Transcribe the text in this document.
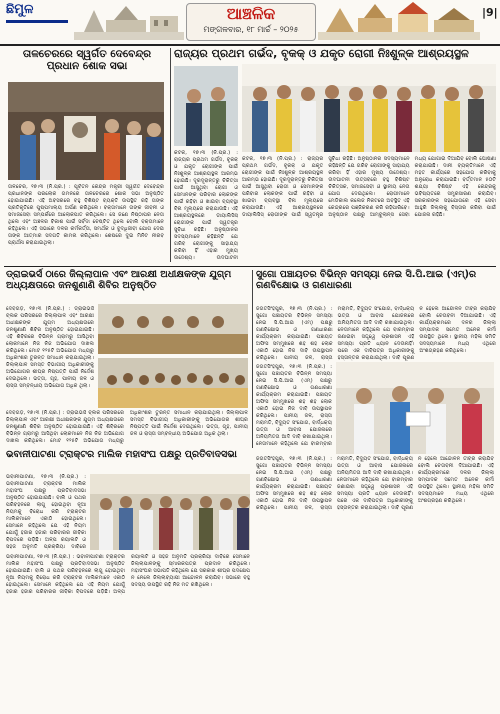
ଛିମୁଳ	ଆଞ୍ଚଳିକ
ମଙ୍ଗଳବାର, ୧୮ ମାର୍ଚ୍ଚ – ୨୦୨୫
|9|
ତାଳଚେରରେ ସ୍ୱର୍ଗତ ଦେବେନ୍ଦ୍ର ପ୍ରଧାନ ଶୋକ ସଭା
ତାଳଚେର, ୧୭।୩ (ନି.ପ୍ର.) : ପୂର୍ବତନ କେନ୍ଦ୍ର ମନ୍ତ୍ରୀ ସ୍ୱର୍ଗତ ଦେବେନ୍ଦ୍ର ପ୍ରଧାନଙ୍କ ପରଲୋକ ଗମନରେ ତାଳଚେରରେ ଶୋକ ସଭା ଅନୁଷ୍ଠିତ ହୋଇଯାଇଛି। ଏହି ଅବସରରେ ବହୁ ବିଶିଷ୍ଟ ବ୍ୟକ୍ତି ଉପସ୍ଥିତ ରହି ତାଙ୍କ ପ୍ରତିକୃତିରେ ପୁଷ୍ପମାଲ୍ୟ ଅର୍ପଣ କରିଥିଲେ। ବକ୍ତାମାନେ ତାଙ୍କ ଜୀବନୀ ଓ ସମାଜସେବା ସମ୍ପର୍କରେ ଆଲୋକପାତ କରିଥିଲେ। ସେ ଜଣେ ନିଷ୍ଠାପର ନେତା ଥିଲେ ଏବଂ ଅଞ୍ଚଳର ବିକାଶ ପାଇଁ ସର୍ବଦା ଚେଷ୍ଟିତ ଥିଲେ ବୋଲି ବକ୍ତାମାନେ କହିଥିଲେ। ଏହି ସଭାରେ ଦଳର କର୍ମକର୍ତ୍ତା, ସମର୍ଥକ ଓ ବୁଦ୍ଧିଜୀବୀ ଯୋଗ ଦେଇ ତାଙ୍କ ଆତ୍ମାର ସଦଗତି କାମନା କରିଥିଲେ। ଶେଷରେ ଦୁଇ ମିନିଟ ନୀରବ ପ୍ରାର୍ଥନା କରାଯାଇଥିଲା।
ରାଜ୍ୟର ପ୍ରଥମ ଗର୍ଭଦ, ବୃକକ୍ ଓ ଯକୃତ ରୋଗୀ ନିଃଶୁଳ୍କ ଆଶ୍ରୟସ୍ଥଳ
କଟକ, ୧୭।୩ (ନି.ପ୍ର.) : ରାଜ୍ୟର ପ୍ରଥମ ଗର୍ଭଦ, ବୃକକ୍ ଓ ଯକୃତ ରୋଗୀଙ୍କ ପାଇଁ ନିଃଶୁଳ୍କ ଆଶ୍ରୟସ୍ଥଳ ଆରମ୍ଭ ହୋଇଛି। ଦୂରଦୂରାନ୍ତରୁ ଚିକିତ୍ସା ପାଇଁ ଆସୁଥିବା ରୋଗୀ ଓ ସେମାନଙ୍କ ପରିବାର ଲୋକଙ୍କ ପାଇଁ ରହିବା ଓ ଖାଇବା ବ୍ୟବସ୍ଥା ବିନା ମୂଲ୍ୟରେ କରାଯାଉଛି। ଏହି ଆଶ୍ରୟସ୍ଥଳରେ ଡାୟାଲିସିସ୍ ରୋଗୀଙ୍କ ପାଇଁ ସ୍ୱତନ୍ତ୍ର ସୁବିଧା ରହିଛି। ଅନୁଷ୍ଠାନର ସଦସ୍ୟମାନେ କହିଛନ୍ତି ଯେ ଗରିବ ରୋଗୀଙ୍କୁ ସାହାଯ୍ୟ କରିବା ହିଁ ଏହାର ମୁଖ୍ୟ ଉଦ୍ଦେଶ୍ୟ। ଉଦଘାଟନୀ
କଟକ, ୧୭।୩ (ନି.ପ୍ର.) : ରାଜ୍ୟର ପ୍ରଥମ ଗର୍ଭଦ, ବୃକକ୍ ଓ ଯକୃତ ରୋଗୀଙ୍କ ପାଇଁ ନିଃଶୁଳ୍କ ଆଶ୍ରୟସ୍ଥଳ ଆରମ୍ଭ ହୋଇଛି। ଦୂରଦୂରାନ୍ତରୁ ଚିକିତ୍ସା ପାଇଁ ଆସୁଥିବା ରୋଗୀ ଓ ସେମାନଙ୍କ ପରିବାର ଲୋକଙ୍କ ପାଇଁ ରହିବା ଓ ଖାଇବା ବ୍ୟବସ୍ଥା ବିନା ମୂଲ୍ୟରେ କରାଯାଉଛି। ଏହି ଆଶ୍ରୟସ୍ଥଳରେ ଡାୟାଲିସିସ୍ ରୋଗୀଙ୍କ ପାଇଁ ସ୍ୱତନ୍ତ୍ର ସୁବିଧା ରହିଛି। ଅନୁଷ୍ଠାନର ସଦସ୍ୟମାନେ କହିଛନ୍ତି ଯେ ଗରିବ ରୋଗୀଙ୍କୁ ସାହାଯ୍ୟ କରିବା ହିଁ ଏହାର ମୁଖ୍ୟ ଉଦ୍ଦେଶ୍ୟ। ଉଦଘାଟନୀ ଉତ୍ସବରେ ବହୁ ବିଶିଷ୍ଟ ଚିକିତ୍ସକ, ସମାଜସେବୀ ଓ ସ୍ଥାନୀୟ ନେତା ଯୋଗ ଦେଇଥିଲେ। ରୋଗୀମାନେ ମେଡିକାଲ କଲେଜ ନିକଟରେ ଅବସ୍ଥିତ ଏହି କେନ୍ଦ୍ରରେ ପଞ୍ଜିକରଣ କରି ରହିପାରିବେ। ଅନୁଷ୍ଠାନ ପକ୍ଷରୁ ଆମ୍ବୁଲାନ୍ସ ସେବା ମଧ୍ୟ ଯୋଗାଇ ଦିଆଯିବ ବୋଲି ଘୋଷଣା କରାଯାଇଛି। ଦାନୀ ବ୍ୟକ୍ତିମାନେ ଏହି ମହତ କାର୍ଯ୍ୟରେ ସହଯୋଗ କରିବାକୁ ଅନୁରୋଧ କରାଯାଇଛି। ବର୍ତ୍ତମାନ ୫୦ଟି ଶଯ୍ୟା ବିଶିଷ୍ଟ ଏହି କେନ୍ଦ୍ରକୁ ଭବିଷ୍ୟତରେ ସମ୍ପ୍ରସାରଣ କରାଯିବ। ସରକାରଙ୍କ ସହଯୋଗରେ ଏହି ସେବା ଆହୁରି ଜିଲ୍ଲାକୁ ବିସ୍ତାର କରିବା ପାଇଁ ଯୋଜନା ରହିଛି।
ଡ୍ରାଇଭର୍ସ ଠାରେ ଜିଲ୍ଲାପାଳ ଏବଂ ଆରକ୍ଷୀ ଅଧୀକ୍ଷକଙ୍କ ଯୁଗ୍ମ ଅଧ୍ୟକ୍ଷତାରେ ଜନଶୁଣାଣି ଶିବିର ଅନୁଷ୍ଠିତ
ଦେବଗଡ଼, ୧୭।୩ (ନି.ପ୍ର.) : ଡ୍ରାଇଭର୍ସ ବ୍ଲକ ପରିସରରେ ଜିଲ୍ଲାପାଳ ଏବଂ ଆରକ୍ଷୀ ଅଧୀକ୍ଷକଙ୍କ ଯୁଗ୍ମ ଅଧ୍ୟକ୍ଷତାରେ ଜନଶୁଣାଣି ଶିବିର ଅନୁଷ୍ଠିତ ହୋଇଯାଇଛି। ଏହି ଶିବିରରେ ବିଭିନ୍ନ ଗ୍ରାମରୁ ଆସିଥିବା ଲୋକମାନେ ନିଜ ନିଜ ଅଭିଯୋଗ ଦାଖଲ କରିଥିଲେ। ମୋଟ ୧୨୫ଟି ଅଭିଯୋଗ ମଧ୍ୟରୁ ଅଧିକାଂଶର ତୁରନ୍ତ ସମାଧାନ କରାଯାଇଥିଲା। ଜିଲ୍ଲାପାଳ ସମସ୍ତ ବିଭାଗୀୟ ଅଧିକାରୀଙ୍କୁ ଅଭିଯୋଗର ଶୀଘ୍ର ନିଷ୍ପତ୍ତି ପାଇଁ ନିର୍ଦ୍ଦେଶ ଦେଇଥିଲେ। ଭତ୍ତା, ଗୃହ, ପାନୀୟ ଜଳ ଓ ରାସ୍ତା ସମ୍ବନ୍ଧୀୟ ଅଭିଯୋଗ ଅଧିକ ଥିଲା।
ଦେବଗଡ଼, ୧୭।୩ (ନି.ପ୍ର.) : ଡ୍ରାଇଭର୍ସ ବ୍ଲକ ପରିସରରେ ଜିଲ୍ଲାପାଳ ଏବଂ ଆରକ୍ଷୀ ଅଧୀକ୍ଷକଙ୍କ ଯୁଗ୍ମ ଅଧ୍ୟକ୍ଷତାରେ ଜନଶୁଣାଣି ଶିବିର ଅନୁଷ୍ଠିତ ହୋଇଯାଇଛି। ଏହି ଶିବିରରେ ବିଭିନ୍ନ ଗ୍ରାମରୁ ଆସିଥିବା ଲୋକମାନେ ନିଜ ନିଜ ଅଭିଯୋଗ ଦାଖଲ କରିଥିଲେ। ମୋଟ ୧୨୫ଟି ଅଭିଯୋଗ ମଧ୍ୟରୁ ଅଧିକାଂଶର ତୁରନ୍ତ ସମାଧାନ କରାଯାଇଥିଲା। ଜିଲ୍ଲାପାଳ ସମସ୍ତ ବିଭାଗୀୟ ଅଧିକାରୀଙ୍କୁ ଅଭିଯୋଗର ଶୀଘ୍ର ନିଷ୍ପତ୍ତି ପାଇଁ ନିର୍ଦ୍ଦେଶ ଦେଇଥିଲେ। ଭତ୍ତା, ଗୃହ, ପାନୀୟ ଜଳ ଓ ରାସ୍ତା ସମ୍ବନ୍ଧୀୟ ଅଭିଯୋଗ ଅଧିକ ଥିଲା।
ସୁଗୋ ପଞ୍ଚାୟତର ବିଭିନ୍ନ ସମସ୍ୟା ନେଇ ସି.ପି.ଆଇ (ଏମ୍)ର ଗଣବିକ୍ଷୋଭ ଓ ଗଣଧାରଣା
ଜଗତସିଂହପୁର, ୧୭।୩ (ନି.ପ୍ର.) : ସୁଗୋ ପଞ୍ଚାୟତର ବିଭିନ୍ନ ସମସ୍ୟା ନେଇ ସି.ପି.ଆଇ (ଏମ୍) ପକ୍ଷରୁ ଗଣବିକ୍ଷୋଭ ଓ ଗଣଧାରଣା କାର୍ଯ୍ୟକ୍ରମ କରାଯାଇଛି। ପଞ୍ଚାୟତ ଅଫିସ ସମ୍ମୁଖରେ ଶହ ଶହ ଲୋକ ଏକାଠି ହୋଇ ନିଜ ଦାବି ଉପସ୍ଥାପନ କରିଥିଲେ। ପାନୀୟ ଜଳ, ରାସ୍ତା ମରାମତି, ବିଦ୍ୟୁତ ସଂଯୋଗ, ବାର୍ଦ୍ଧକ୍ୟ ଭତ୍ତା ଓ ଆବାସ ଯୋଜନାରେ ଅନିୟମିତତା ଆଦି ଦାବି ରଖାଯାଇଥିଲା। ନେତାମାନେ କହିଥିଲେ ଯେ ବାରମ୍ବାର ଜଣାଇବା ସତ୍ତ୍ୱେ ପ୍ରଶାସନ ଏହି ସମସ୍ୟା ପ୍ରତି ଧ୍ୟାନ ଦେଉନାହିଁ। ପରେ ଏକ ଦାବିପତ୍ର ଅଧିକାରୀଙ୍କୁ ହସ୍ତାନ୍ତର କରାଯାଇଥିଲା। ଦାବି ପୂରଣ ନ ହେଲେ ଆନ୍ଦୋଳନ ତୀବ୍ର କରାଯିବ ବୋଲି ଚେତାବନୀ ଦିଆଯାଇଛି। ଏହି କାର୍ଯ୍ୟକ୍ରମରେ ଦଳର ଜିଲ୍ଲା ସମ୍ପାଦକ ସମେତ ଅନେକ କର୍ମୀ ଉପସ୍ଥିତ ଥିଲେ। ସ୍ଥାନୀୟ ମହିଳା ସମିତି ସଦସ୍ୟମାନେ ମଧ୍ୟ ଏଥିରେ ଅଂଶଗ୍ରହଣ କରିଥିଲେ।
ଜଗତସିଂହପୁର, ୧୭।୩ (ନି.ପ୍ର.) : ସୁଗୋ ପଞ୍ଚାୟତର ବିଭିନ୍ନ ସମସ୍ୟା ନେଇ ସି.ପି.ଆଇ (ଏମ୍) ପକ୍ଷରୁ ଗଣବିକ୍ଷୋଭ ଓ ଗଣଧାରଣା କାର୍ଯ୍ୟକ୍ରମ କରାଯାଇଛି। ପଞ୍ଚାୟତ ଅଫିସ ସମ୍ମୁଖରେ ଶହ ଶହ ଲୋକ ଏକାଠି ହୋଇ ନିଜ ଦାବି ଉପସ୍ଥାପନ କରିଥିଲେ। ପାନୀୟ ଜଳ, ରାସ୍ତା ମରାମତି, ବିଦ୍ୟୁତ ସଂଯୋଗ, ବାର୍ଦ୍ଧକ୍ୟ ଭତ୍ତା ଓ ଆବାସ ଯୋଜନାରେ ଅନିୟମିତତା ଆଦି ଦାବି ରଖାଯାଇଥିଲା। ନେତାମାନେ କହିଥିଲେ ଯେ ବାରମ୍ବାର
ଭବାନୀପାଟଣା ଟ୍ରାକ୍ଟର ମାଲିକ ମହାସଂଘ ପକ୍ଷରୁ ପ୍ରତିବାଦସଭା
ଭବାନୀପାଟଣା, ୧୭।୩ (ନି.ପ୍ର.) : ଭବାନୀପାଟଣା ଟ୍ରାକ୍ଟର ମାଲିକ ମହାସଂଘ ପକ୍ଷରୁ ପ୍ରତିବାଦସଭା ଅନୁଷ୍ଠିତ ହୋଇଯାଇଛି। ବାଲି ଓ ପଥର ପରିବହନରେ ଲାଗୁ ହୋଇଥିବା ନୂଆ ନିୟମକୁ ବିରୋଧ କରି ଟ୍ରାକ୍ଟର ମାଲିକମାନେ ଏକାଠି ହୋଇଥିଲେ। ସେମାନେ କହିଥିଲେ ଯେ ଏହି ନିୟମ ଯୋଗୁଁ ହଜାର ହଜାର ପରିବାରର ଜୀବିକା ବିପଦରେ ପଡ଼ିଛି। ଅଳ୍ପ ରୟାଲଟି ଓ ସହଜ ଅନୁମତି ପ୍ରକ୍ରିୟା ଦାବିରେ
ଭବାନୀପାଟଣା, ୧୭।୩ (ନି.ପ୍ର.) : ଭବାନୀପାଟଣା ଟ୍ରାକ୍ଟର ମାଲିକ ମହାସଂଘ ପକ୍ଷରୁ ପ୍ରତିବାଦସଭା ଅନୁଷ୍ଠିତ ହୋଇଯାଇଛି। ବାଲି ଓ ପଥର ପରିବହନରେ ଲାଗୁ ହୋଇଥିବା ନୂଆ ନିୟମକୁ ବିରୋଧ କରି ଟ୍ରାକ୍ଟର ମାଲିକମାନେ ଏକାଠି ହୋଇଥିଲେ। ସେମାନେ କହିଥିଲେ ଯେ ଏହି ନିୟମ ଯୋଗୁଁ ହଜାର ହଜାର ପରିବାରର ଜୀବିକା ବିପଦରେ ପଡ଼ିଛି। ଅଳ୍ପ ରୟାଲଟି ଓ ସହଜ ଅନୁମତି ପ୍ରକ୍ରିୟା ଦାବିରେ ସେମାନେ ଜିଲ୍ଲାପାଳଙ୍କୁ ସ୍ମାରକପତ୍ର ପ୍ରଦାନ କରିଥିଲେ। ମହାସଂଘର ସଭାପତି କହିଥିଲେ ଯେ ସରକାର ଶୀଘ୍ର ପଦକ୍ଷେପ ନ ନେଲେ ଜିଲ୍ଲାବ୍ୟାପୀ ଆନ୍ଦୋଳନ କରାଯିବ। ସଭାରେ ବହୁ ସଦସ୍ୟ ଉପସ୍ଥିତ ରହି ନିଜ ମତ ରଖିଥିଲେ।
ଜଗତସିଂହପୁର, ୧୭।୩ (ନି.ପ୍ର.) : ସୁଗୋ ପଞ୍ଚାୟତର ବିଭିନ୍ନ ସମସ୍ୟା ନେଇ ସି.ପି.ଆଇ (ଏମ୍) ପକ୍ଷରୁ ଗଣବିକ୍ଷୋଭ ଓ ଗଣଧାରଣା କାର୍ଯ୍ୟକ୍ରମ କରାଯାଇଛି। ପଞ୍ଚାୟତ ଅଫିସ ସମ୍ମୁଖରେ ଶହ ଶହ ଲୋକ ଏକାଠି ହୋଇ ନିଜ ଦାବି ଉପସ୍ଥାପନ କରିଥିଲେ। ପାନୀୟ ଜଳ, ରାସ୍ତା ମରାମତି, ବିଦ୍ୟୁତ ସଂଯୋଗ, ବାର୍ଦ୍ଧକ୍ୟ ଭତ୍ତା ଓ ଆବାସ ଯୋଜନାରେ ଅନିୟମିତତା ଆଦି ଦାବି ରଖାଯାଇଥିଲା। ନେତାମାନେ କହିଥିଲେ ଯେ ବାରମ୍ବାର ଜଣାଇବା ସତ୍ତ୍ୱେ ପ୍ରଶାସନ ଏହି ସମସ୍ୟା ପ୍ରତି ଧ୍ୟାନ ଦେଉନାହିଁ। ପରେ ଏକ ଦାବିପତ୍ର ଅଧିକାରୀଙ୍କୁ ହସ୍ତାନ୍ତର କରାଯାଇଥିଲା। ଦାବି ପୂରଣ ନ ହେଲେ ଆନ୍ଦୋଳନ ତୀବ୍ର କରାଯିବ ବୋଲି ଚେତାବନୀ ଦିଆଯାଇଛି। ଏହି କାର୍ଯ୍ୟକ୍ରମରେ ଦଳର ଜିଲ୍ଲା ସମ୍ପାଦକ ସମେତ ଅନେକ କର୍ମୀ ଉପସ୍ଥିତ ଥିଲେ। ସ୍ଥାନୀୟ ମହିଳା ସମିତି ସଦସ୍ୟମାନେ ମଧ୍ୟ ଏଥିରେ ଅଂଶଗ୍ରହଣ କରିଥିଲେ।
